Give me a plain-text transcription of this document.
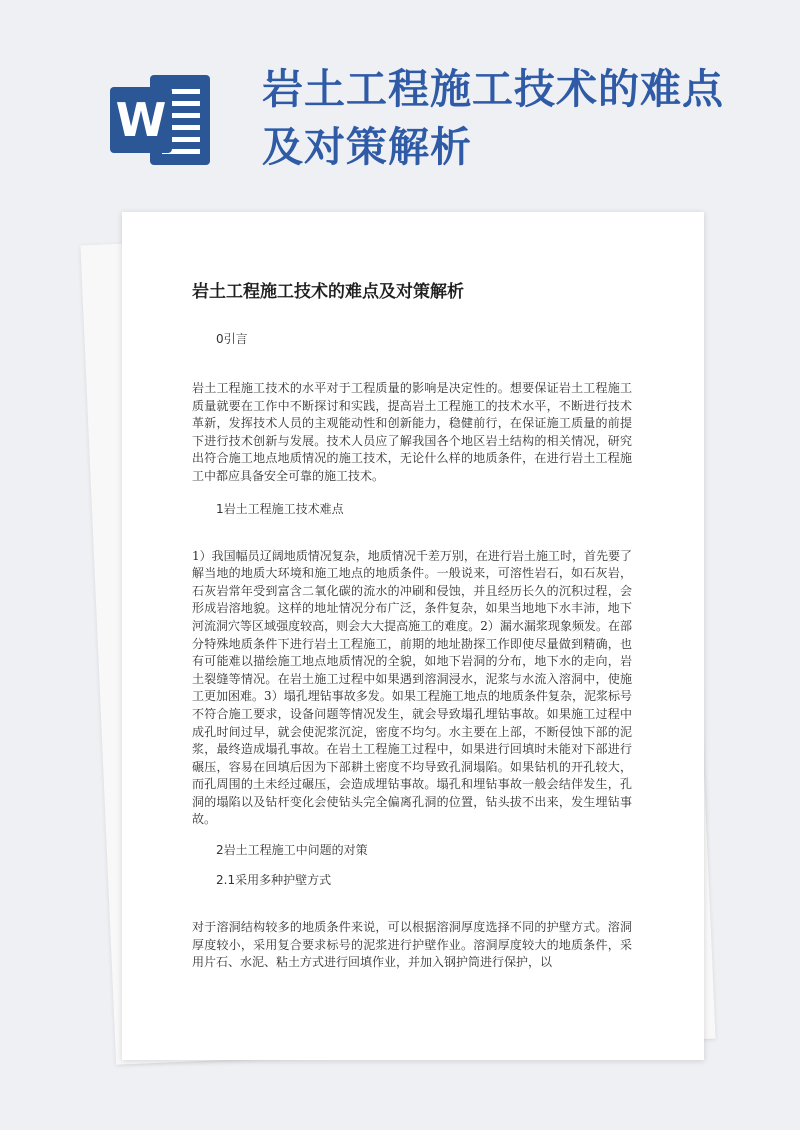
W
岩土工程施工技术的难点及对策解析
岩土工程施工技术的难点及对策解析

0引言

岩土工程施工技术的水平对于工程质量的影响是决定性的。想要保证岩土工程施工质量就要在工作中不断探讨和实践，提高岩土工程施工的技术水平，不断进行技术革新，发挥技术人员的主观能动性和创新能力，稳健前行，在保证施工质量的前提下进行技术创新与发展。技术人员应了解我国各个地区岩土结构的相关情况，研究出符合施工地点地质情况的施工技术，无论什么样的地质条件，在进行岩土工程施工中都应具备安全可靠的施工技术。

1岩土工程施工技术难点

1）我国幅员辽阔地质情况复杂，地质情况千差万别，在进行岩土施工时，首先要了解当地的地质大环境和施工地点的地质条件。一般说来，可溶性岩石，如石灰岩，石灰岩常年受到富含二氧化碳的流水的冲刷和侵蚀，并且经历长久的沉积过程，会形成岩溶地貌。这样的地址情况分布广泛，条件复杂，如果当地地下水丰沛，地下河流洞穴等区域强度较高，则会大大提高施工的难度。2）漏水漏浆现象频发。在部分特殊地质条件下进行岩土工程施工，前期的地址勘探工作即使尽量做到精确，也有可能难以描绘施工地点地质情况的全貌，如地下岩洞的分布，地下水的走向，岩土裂缝等情况。在岩土施工过程中如果遇到溶洞浸水，泥浆与水流入溶洞中，使施工更加困难。3）塌孔埋钻事故多发。如果工程施工地点的地质条件复杂，泥浆标号不符合施工要求，设备问题等情况发生，就会导致塌孔埋钻事故。如果施工过程中成孔时间过早，就会使泥浆沉淀，密度不均匀。水主要在上部，不断侵蚀下部的泥浆，最终造成塌孔事故。在岩土工程施工过程中，如果进行回填时未能对下部进行碾压，容易在回填后因为下部耕土密度不均导致孔洞塌陷。如果钻机的开孔较大，而孔周围的土未经过碾压，会造成埋钻事故。塌孔和埋钻事故一般会结伴发生，孔洞的塌陷以及钻杆变化会使钻头完全偏离孔洞的位置，钻头拔不出来，发生埋钻事故。

2岩土工程施工中问题的对策

2.1采用多种护壁方式

对于溶洞结构较多的地质条件来说，可以根据溶洞厚度选择不同的护壁方式。溶洞厚度较小，采用复合要求标号的泥浆进行护壁作业。溶洞厚度较大的地质条件，采用片石、水泥、粘土方式进行回填作业，并加入钢护筒进行保护，以
